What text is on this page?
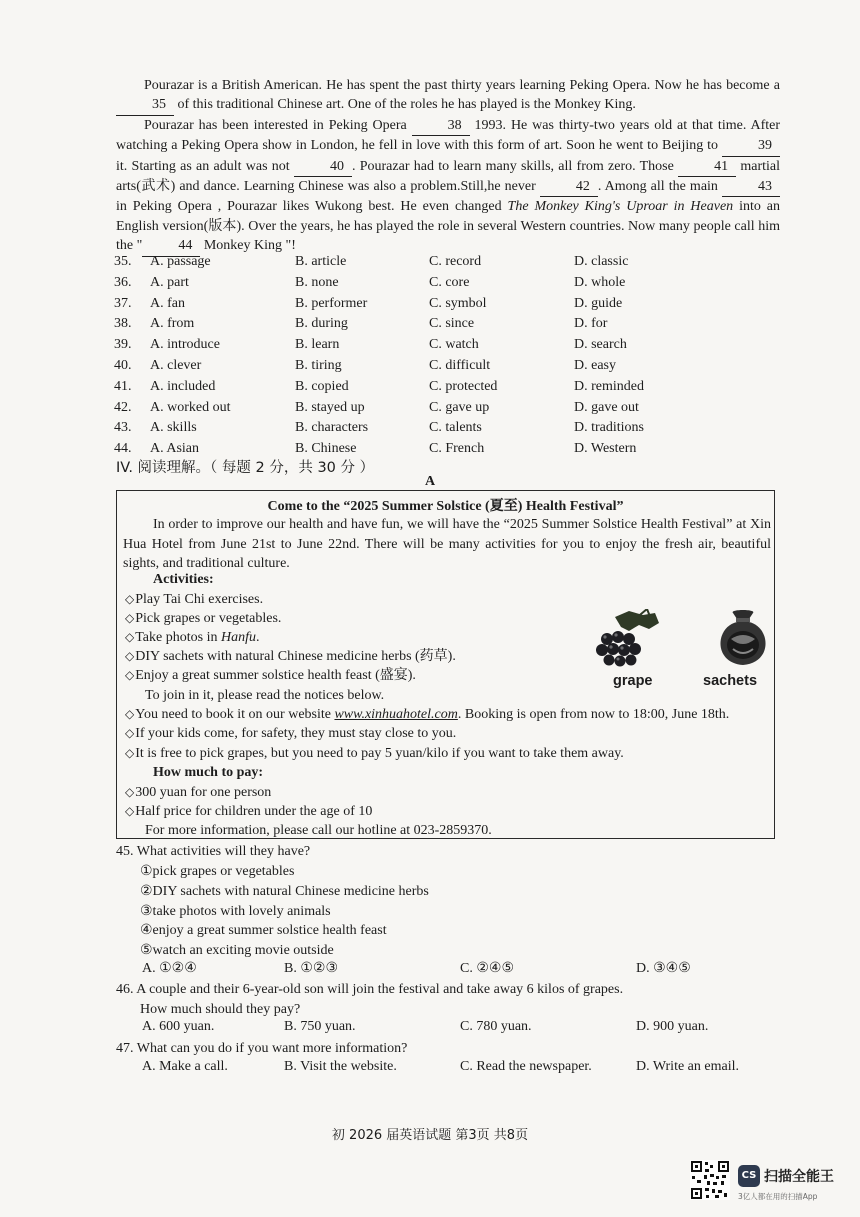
Pourazar is a British American. He has spent the past thirty years learning Peking Opera. Now he has become a 35 of this traditional Chinese art. One of the roles he has played is the Monkey King.

Pourazar has been interested in Peking Opera	38 1993. He was thirty-two years old at that time. After watching a Peking Opera show in London, he fell in love with this form of art. Soon he went to Beijing to	39 it. Starting as an adult was not	40 . Pourazar had to learn many skills, all from zero. Those	41 martial arts(武术) and dance. Learning Chinese was also a problem.Still,he never	42 . Among all the main	43 in Peking Opera , Pourazar likes Wukong best. He even changed The Monkey King's Uproar in Heaven into an English version(版本). Over the years, he has played the role in several Western countries. Now many people call him the "	44 Monkey King "!

35. A. passage	B. article	C. record	D. classic
36. A. part	B. none	C. core	D. whole
37. A. fan	B. performer	C. symbol	D. guide
38. A. from	B. during	C. since	D. for
39. A. introduce	B. learn	C. watch	D. search
40. A. clever	B. tiring	C. difficult	D. easy
41. A. included	B. copied	C. protected	D. reminded
42. A. worked out	B. stayed up	C. gave up	D. gave out
43. A. skills	B. characters	C. talents	D. traditions
44. A. Asian	B. Chinese	C. French	D. Western
IV. 阅读理解。（ 每题 2 分，共 30 分 ）
A
Come to the “2025 Summer Solstice (夏至) Health Festival”
In order to improve our health and have fun, we will have the “2025 Summer Solstice Health Festival” at Xin Hua Hotel from June 21st to June 22nd. There will be many activities for you to enjoy the fresh air, beautiful sights, and traditional culture.
Activities:
◇Play Tai Chi exercises.
◇Pick grapes or vegetables.
◇Take photos in Hanfu.
◇DIY sachets with natural Chinese medicine herbs (药草).
◇Enjoy a great summer solstice health feast (盛宴).
To join in it, please read the notices below.
◇You need to book it on our website www.xinhuahotel.com. Booking is open from now to 18:00, June 18th.
◇If your kids come, for safety, they must stay close to you.
◇It is free to pick grapes, but you need to pay 5 yuan/kilo if you want to take them away.
How much to pay:
◇300 yuan for one person
◇Half price for children under the age of 10
For more information, please call our hotline at 023-2859370.
grape	sachets
45. What activities will they have?
①pick grapes or vegetables
②DIY sachets with natural Chinese medicine herbs
③take photos with lovely animals
④enjoy a great summer solstice health feast
⑤watch an exciting movie outside
A. ①②④	B. ①②③	C. ②④⑤	D. ③④⑤
46. A couple and their 6-year-old son will join the festival and take away 6 kilos of grapes.
How much should they pay?
A. 600 yuan.	B. 750 yuan.	C. 780 yuan.	D. 900 yuan.
47. What can you do if you want more information?
A. Make a call.	B. Visit the website.	C. Read the newspaper.	D. Write an email.
初 2026 届英语试题 第3页 共8页
CS 扫描全能王
3亿人都在用的扫描App
